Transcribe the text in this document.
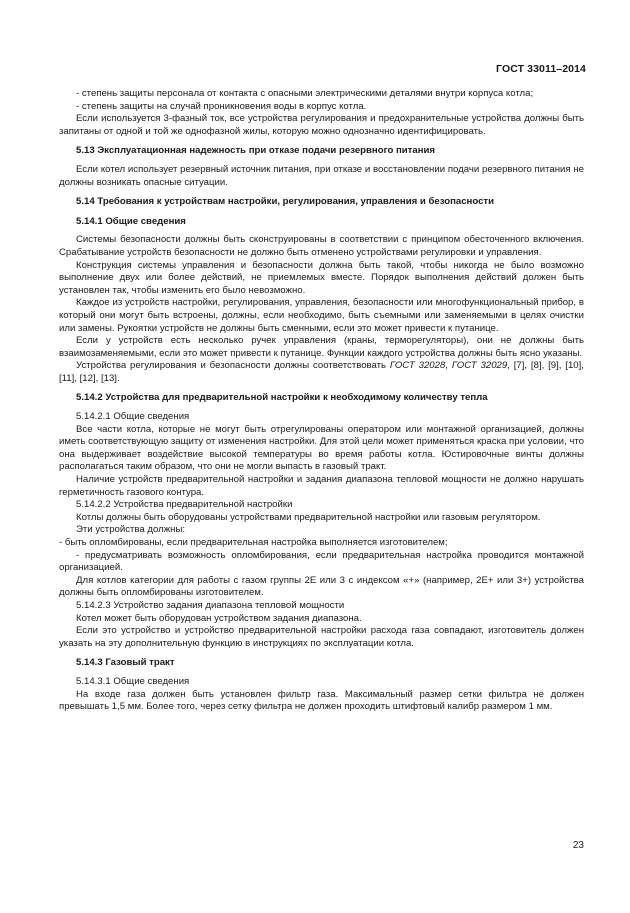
ГОСТ 33011–2014

- степень защиты персонала от контакта с опасными электрическими деталями внутри корпуса котла;

- степень защиты на случай проникновения воды в корпус котла.

Если используется 3-фазный ток, все устройства регулирования и предохранительные устройства должны быть запитаны от одной и той же однофазной жилы, которую можно однозначно идентифицировать.

5.13 Эксплуатационная надежность при отказе подачи резервного питания

Если котел использует резервный источник питания, при отказе и восстановлении подачи резервного питания не должны возникать опасные ситуации.

5.14 Требования к устройствам настройки, регулирования, управления и безопасности
5.14.1 Общие сведения

Системы безопасности должны быть сконструированы в соответствии с принципом обесточенного включения. Срабатывание устройств безопасности не должно быть отменено устройствами регулировки и управления.

Конструкция системы управления и безопасности должна быть такой, чтобы никогда не было возможно выполнение двух или более действий, не приемлемых вместе. Порядок выполнения действий должен быть установлен так, чтобы изменить его было невозможно.

Каждое из устройств настройки, регулирования, управления, безопасности или многофункциональный прибор, в который они могут быть встроены, должны, если необходимо, быть съемными или заменяемыми в целях очистки или замены. Рукоятки устройств не должны быть сменными, если это может привести к путанице.

Если у устройств есть несколько ручек управления (краны, терморегуляторы), они не должны быть взаимозаменяемыми, если это может привести к путанице. Функции каждого устройства должны быть ясно указаны.

Устройства регулирования и безопасности должны соответствовать ГОСТ 32028, ГОСТ 32029, [7], [8], [9], [10], [11], [12], [13].

5.14.2 Устройства для предварительной настройки к необходимому количеству тепла

5.14.2.1 Общие сведения

Все части котла, которые не могут быть отрегулированы оператором или монтажной организацией, должны иметь соответствующую защиту от изменения настройки. Для этой цели может применяться краска при условии, что она выдерживает воздействие высокой температуры во время работы котла. Юстировочные винты должны располагаться таким образом, что они не могли выпасть в газовый тракт.

Наличие устройств предварительной настройки и задания диапазона тепловой мощности не должно нарушать герметичность газового контура.

5.14.2.2 Устройства предварительной настройки

Котлы должны быть оборудованы устройствами предварительной настройки или газовым регулятором.

Эти устройства должны:

- быть опломбированы, если предварительная настройка выполняется изготовителем;

- предусматривать возможность опломбирования, если предварительная настройка проводится монтажной организацией.

Для котлов категории для работы с газом группы 2Е или 3 с индексом «+» (например, 2Е+ или 3+) устройства должны быть опломбированы изготовителем.

5.14.2.3 Устройство задания диапазона тепловой мощности

Котел может быть оборудован устройством задания диапазона.

Если это устройство и устройство предварительной настройки расхода газа совпадают, изготовитель должен указать на эту дополнительную функцию в инструкциях по эксплуатации котла.

5.14.3 Газовый тракт

5.14.3.1 Общие сведения

На входе газа должен быть установлен фильтр газа. Максимальный размер сетки фильтра не должен превышать 1,5 мм. Более того, через сетку фильтра не должен проходить штифтовый калибр размером 1 мм.

23
